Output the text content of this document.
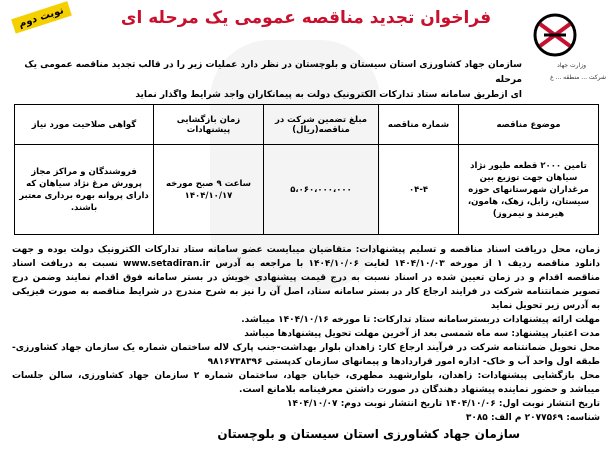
نوبت دوم	فراخوان تجدید مناقصه عمومی یک مرحله ای
وزارت جهاد
شرکت ... منطقه ... غ
سازمان جهاد کشاورزی استان سیستان و بلوچستان در نظر دارد عملیات زیر را در قالب تجدید مناقصه عمومی یک مرحله
ای ازطریق سامانه ستاد تدارکات الکترونیک دولت به پیمانکاران واجد شرایط واگذار نماید
موضوع مناقصه	شماره مناقصه	مبلغ تضمین شرکت در مناقصه(ریال)	زمان بازگشایی پیشنهادات	گواهی صلاحیت مورد نیاز
تامین ۲۰۰۰ قطعه طیور نژاد سیاهان جهت توزیع بین مرغداران شهرستانهای حوزه سیستان، زابل، زهک، هامون، هیرمند و نیمروز)	۰۴-۴	۵،۰۶۰،۰۰۰،۰۰۰	ساعت ۹ صبح مورخه ۱۴۰۴/۱۰/۱۷	فروشندگان و مراکز مجاز پرورش مرغ نژاد سیاهان که دارای پروانه بهره برداری معتبر باشند.

زمان، محل دریافت اسناد مناقصه و تسلیم پیشنهادات: متقاضیان میبایست عضو سامانه ستاد تدارکات الکترونیک دولت بوده و جهت دانلود مناقصه ردیف ۱ از مورخه ۱۴۰۴/۱۰/۰۳ لغایت ۱۴۰۴/۱۰/۰۶ با مراجعه به آدرس www.setadiran.ir نسبت به دریافت اسناد مناقصه اقدام و در زمان تعیین شده در اسناد نسبت به درج قیمت پیشنهادی خویش در بستر سامانه فوق اقدام نمایند وضمن درج تصویر ضمانتنامه شرکت در فرایند ارجاع کار در بستر سامانه ستاد، اصل آن را نیز به شرح مندرج در شرایط مناقصه به صورت فیزیکی به آدرس زیر تحویل نماید

مهلت ارائه پیشنهادات دربسترسامانه ستاد تدارکات: تا مورخه ۱۴۰۴/۱۰/۱۶ میباشد.

مدت اعتبار پیشنهاد: سه ماه شمسی بعد از آخرین مهلت تحویل پیشنهادها میباشد

محل تحویل ضمانتنامه شرکت در فرآیند ارجاع کار: زاهدان بلوار بهداشت-جنب پارک لاله ساختمان شماره یک سازمان جهاد کشاورزی-طبقه اول واحد آب و خاک- اداره امور قراردادها و پیمانهای سازمان کدپستی ۹۸۱۶۷۳۸۳۹۶

محل بازگشایی پیشنهادات: زاهدان، بلوارشهید مطهری، خیابان جهاد، ساختمان شماره ۲ سازمان جهاد کشاورزی، سالن جلسات میباشد و حضور نماینده پیشنهاد دهندگان در صورت داشتن معرفینامه بلامانع است.

تاریخ انتشار نوبت اول: ۱۴۰۴/۱۰/۰۶ تاریخ انتشار نوبت دوم: ۱۴۰۴/۱۰/۰۷

شناسه: ۲۰۷۷۵۶۹ م الف: ۳۰۸۵

سازمان جهاد کشاورزی استان سیستان و بلوچستان
